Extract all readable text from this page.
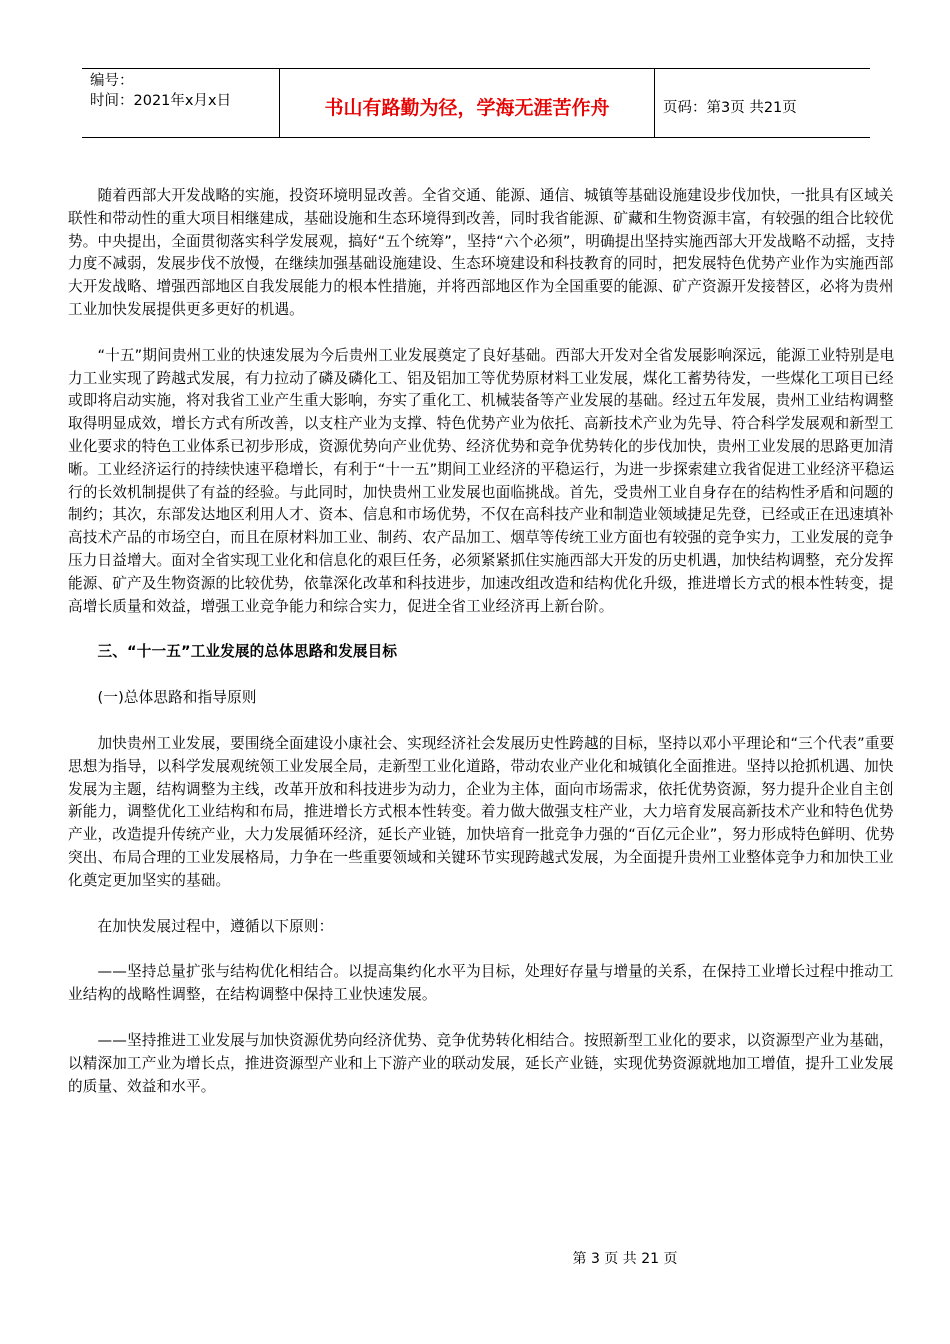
编号：
时间：2021年x月x日	书山有路勤为径，学海无涯苦作舟	页码：第3页 共21页

　　随着西部大开发战略的实施，投资环境明显改善。全省交通、能源、通信、城镇等基础设施建设步伐加快，一批具有区域关联性和带动性的重大项目相继建成，基础设施和生态环境得到改善，同时我省能源、矿藏和生物资源丰富，有较强的组合比较优势。中央提出，全面贯彻落实科学发展观，搞好“五个统筹”，坚持“六个必须”，明确提出坚持实施西部大开发战略不动摇，支持力度不减弱，发展步伐不放慢，在继续加强基础设施建设、生态环境建设和科技教育的同时，把发展特色优势产业作为实施西部大开发战略、增强西部地区自我发展能力的根本性措施，并将西部地区作为全国重要的能源、矿产资源开发接替区，必将为贵州工业加快发展提供更多更好的机遇。

　　“十五”期间贵州工业的快速发展为今后贵州工业发展奠定了良好基础。西部大开发对全省发展影响深远，能源工业特别是电力工业实现了跨越式发展，有力拉动了磷及磷化工、铝及铝加工等优势原材料工业发展，煤化工蓄势待发，一些煤化工项目已经或即将启动实施，将对我省工业产生重大影响，夯实了重化工、机械装备等产业发展的基础。经过五年发展，贵州工业结构调整取得明显成效，增长方式有所改善，以支柱产业为支撑、特色优势产业为依托、高新技术产业为先导、符合科学发展观和新型工业化要求的特色工业体系已初步形成，资源优势向产业优势、经济优势和竞争优势转化的步伐加快，贵州工业发展的思路更加清晰。工业经济运行的持续快速平稳增长，有利于“十一五”期间工业经济的平稳运行，为进一步探索建立我省促进工业经济平稳运行的长效机制提供了有益的经验。与此同时，加快贵州工业发展也面临挑战。首先，受贵州工业自身存在的结构性矛盾和问题的制约；其次，东部发达地区利用人才、资本、信息和市场优势，不仅在高科技产业和制造业领域捷足先登，已经或正在迅速填补高技术产品的市场空白，而且在原材料加工业、制药、农产品加工、烟草等传统工业方面也有较强的竞争实力，工业发展的竞争压力日益增大。面对全省实现工业化和信息化的艰巨任务，必须紧紧抓住实施西部大开发的历史机遇，加快结构调整，充分发挥能源、矿产及生物资源的比较优势，依靠深化改革和科技进步，加速改组改造和结构优化升级，推进增长方式的根本性转变，提高增长质量和效益，增强工业竞争能力和综合实力，促进全省工业经济再上新台阶。

　　三、“十一五”工业发展的总体思路和发展目标

　　(一)总体思路和指导原则

　　加快贵州工业发展，要围绕全面建设小康社会、实现经济社会发展历史性跨越的目标，坚持以邓小平理论和“三个代表”重要思想为指导，以科学发展观统领工业发展全局，走新型工业化道路，带动农业产业化和城镇化全面推进。坚持以抢抓机遇、加快发展为主题，结构调整为主线，改革开放和科技进步为动力，企业为主体，面向市场需求，依托优势资源，努力提升企业自主创新能力，调整优化工业结构和布局，推进增长方式根本性转变。着力做大做强支柱产业，大力培育发展高新技术产业和特色优势产业，改造提升传统产业，大力发展循环经济，延长产业链，加快培育一批竞争力强的“百亿元企业”，努力形成特色鲜明、优势突出、布局合理的工业发展格局，力争在一些重要领域和关键环节实现跨越式发展，为全面提升贵州工业整体竞争力和加快工业化奠定更加坚实的基础。

　　在加快发展过程中，遵循以下原则：

　　——坚持总量扩张与结构优化相结合。以提高集约化水平为目标，处理好存量与增量的关系，在保持工业增长过程中推动工业结构的战略性调整，在结构调整中保持工业快速发展。

　　——坚持推进工业发展与加快资源优势向经济优势、竞争优势转化相结合。按照新型工业化的要求，以资源型产业为基础，以精深加工产业为增长点，推进资源型产业和上下游产业的联动发展，延长产业链，实现优势资源就地加工增值，提升工业发展的质量、效益和水平。

第 3 页 共 21 页
